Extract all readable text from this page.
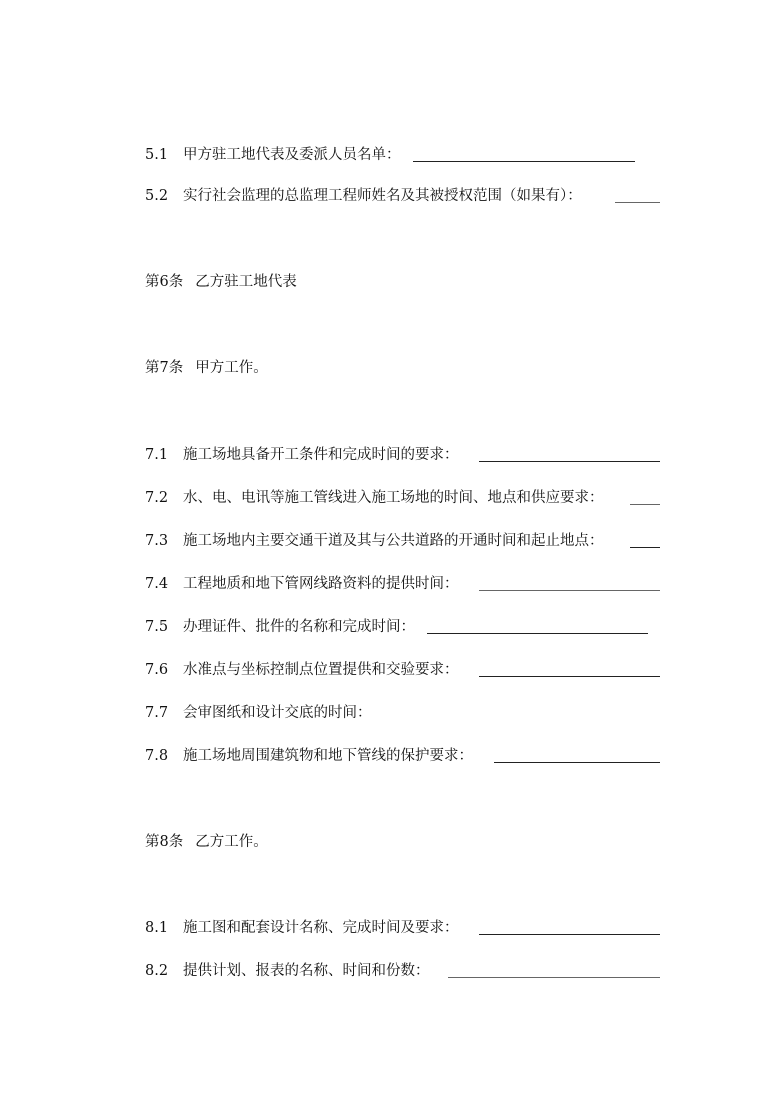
5.1	甲方驻工地代表及委派人员名单：
5.2	实行社会监理的总监理工程师姓名及其被授权范围（如果有）：
第6条 乙方驻工地代表
第7条 甲方工作。
7.1	施工场地具备开工条件和完成时间的要求：
7.2	水、电、电讯等施工管线进入施工场地的时间、地点和供应要求：
7.3	施工场地内主要交通干道及其与公共道路的开通时间和起止地点：
7.4	工程地质和地下管网线路资料的提供时间：
7.5	办理证件、批件的名称和完成时间：
7.6	水准点与坐标控制点位置提供和交验要求：
7.7	会审图纸和设计交底的时间：
7.8	施工场地周围建筑物和地下管线的保护要求：
第8条 乙方工作。
8.1	施工图和配套设计名称、完成时间及要求：
8.2	提供计划、报表的名称、时间和份数：
